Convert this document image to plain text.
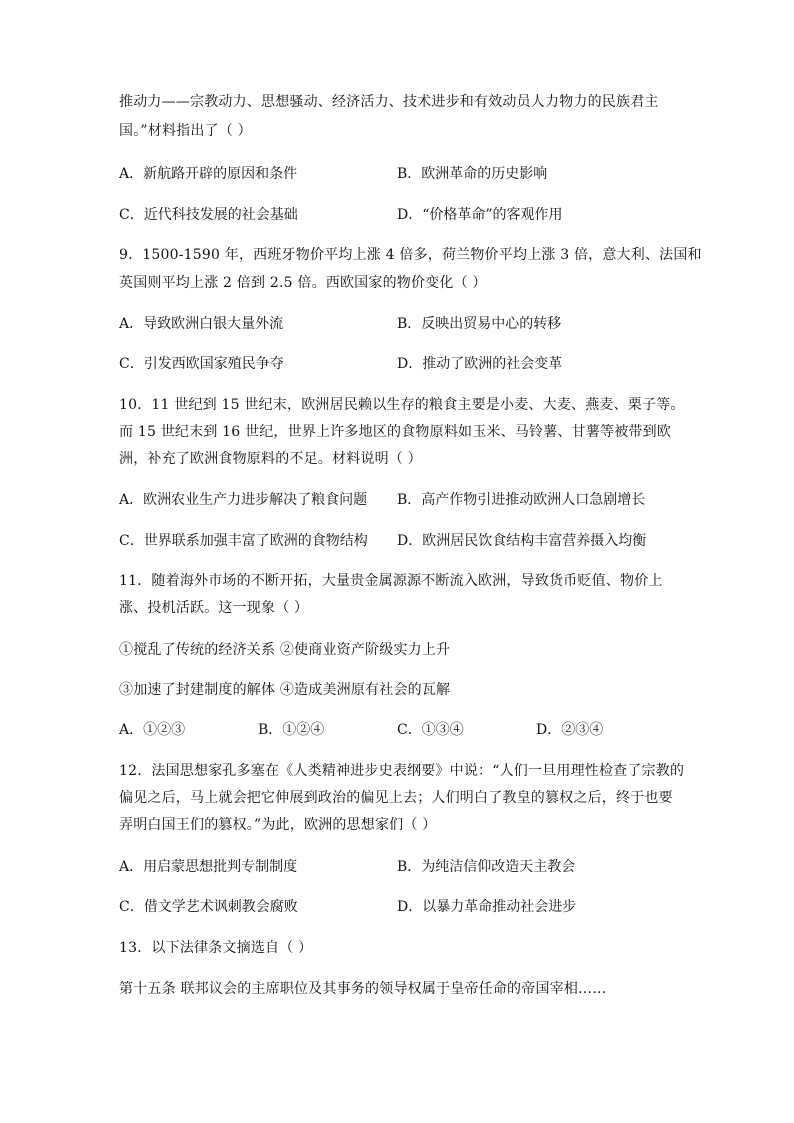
推动力——宗教动力、思想骚动、经济活力、技术进步和有效动员人力物力的民族君主
国。”材料指出了（ ）
A．新航路开辟的原因和条件	B．欧洲革命的历史影响
C．近代科技发展的社会基础	D．“价格革命”的客观作用
9．1500-1590 年，西班牙物价平均上涨 4 倍多，荷兰物价平均上涨 3 倍，意大利、法国和
英国则平均上涨 2 倍到 2.5 倍。西欧国家的物价变化（ ）
A．导致欧洲白银大量外流	B．反映出贸易中心的转移
C．引发西欧国家殖民争夺	D．推动了欧洲的社会变革
10．11 世纪到 15 世纪末，欧洲居民赖以生存的粮食主要是小麦、大麦、燕麦、栗子等。
而 15 世纪末到 16 世纪，世界上许多地区的食物原料如玉米、马铃薯、甘薯等被带到欧
洲，补充了欧洲食物原料的不足。材料说明（ ）
A．欧洲农业生产力进步解决了粮食问题 B．高产作物引进推动欧洲人口急剧增长
C．世界联系加强丰富了欧洲的食物结构 D．欧洲居民饮食结构丰富营养摄入均衡
11．随着海外市场的不断开拓，大量贵金属源源不断流入欧洲，导致货币贬值、物价上
涨、投机活跃。这一现象（ ）
①搅乱了传统的经济关系 ②使商业资产阶级实力上升
③加速了封建制度的解体 ④造成美洲原有社会的瓦解
A．①②③	B．①②④	C．①③④	D．②③④
12．法国思想家孔多塞在《人类精神进步史表纲要》中说：“人们一旦用理性检查了宗教的
偏见之后，马上就会把它伸展到政治的偏见上去；人们明白了教皇的篡权之后，终于也要
弄明白国王们的篡权。”为此，欧洲的思想家们（ ）
A．用启蒙思想批判专制制度	B．为纯洁信仰改造天主教会
C．借文学艺术讽刺教会腐败	D．以暴力革命推动社会进步
13．以下法律条文摘选自（ ）
第十五条 联邦议会的主席职位及其事务的领导权属于皇帝任命的帝国宰相……
